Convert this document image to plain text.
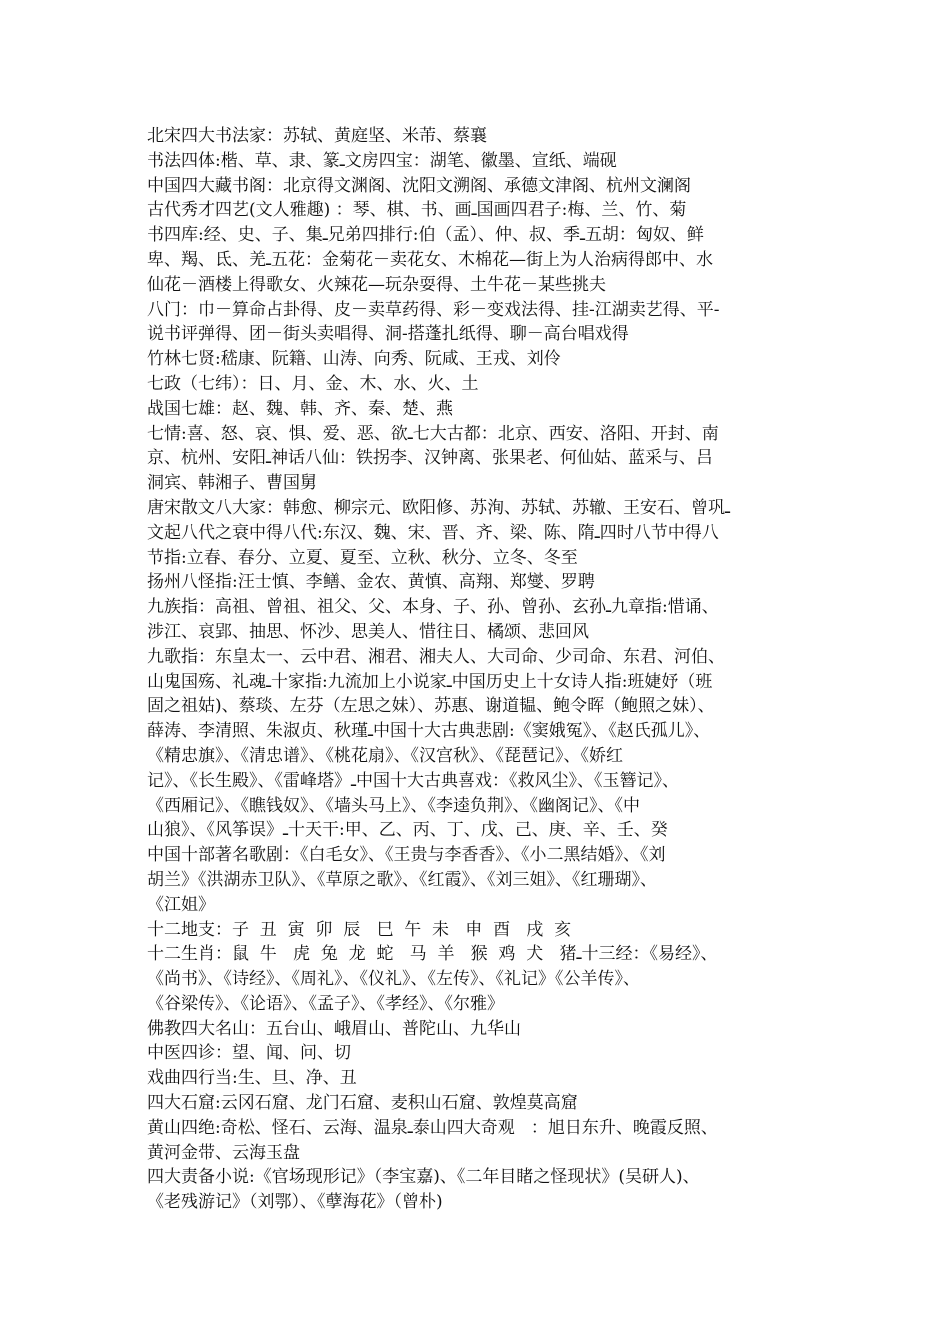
北宋四大书法家：苏轼、黄庭坚、米芾、蔡襄
书法四体:楷、草、隶、篆ـ文房四宝：湖笔、徽墨、宣纸、端砚
中国四大藏书阁：北京得文渊阁、沈阳文溯阁、承德文津阁、杭州文澜阁
古代秀才四艺(文人雅趣) ：琴、棋、书、画ـ国画四君子:梅、兰、竹、菊
书四库:经、史、子、集ـ兄弟四排行:伯（孟）、仲、叔、季ـ五胡：匈奴、鲜
卑、羯、氐、羌ـ五花：金菊花－卖花女、木棉花—街上为人治病得郎中、水
仙花－酒楼上得歌女、火辣花—玩杂耍得、土牛花－某些挑夫
八门：巾－算命占卦得、皮－卖草药得、彩－变戏法得、挂-江湖卖艺得、平-
说书评弹得、团－街头卖唱得、洞-搭蓬扎纸得、聊－高台唱戏得
竹林七贤:嵇康、阮籍、山涛、向秀、阮咸、王戎、刘伶
七政（七纬）：日、月、金、木、水、火、土
战国七雄：赵、魏、韩、齐、秦、楚、燕
七情:喜、怒、哀、惧、爱、恶、欲ـ七大古都：北京、西安、洛阳、开封、南
京、杭州、安阳ـ神话八仙：铁拐李、汉钟离、张果老、何仙姑、蓝采与、吕
洞宾、韩湘子、曹国舅
唐宋散文八大家：韩愈、柳宗元、欧阳修、苏洵、苏轼、苏辙、王安石、曾巩ـ
文起八代之衰中得八代:东汉、魏、宋、晋、齐、梁、陈、隋ـ四时八节中得八
节指:立春、春分、立夏、夏至、立秋、秋分、立冬、冬至
扬州八怪指:汪士慎、李鳝、金农、黄慎、高翔、郑燮、罗聘
九族指：高祖、曾祖、祖父、父、本身、子、孙、曾孙、玄孙ـ九章指:惜诵、
涉江、哀郢、抽思、怀沙、思美人、惜往日、橘颂、悲回风
九歌指：东皇太一、云中君、湘君、湘夫人、大司命、少司命、东君、河伯、
山鬼国殇、礼魂ـ十家指:九流加上小说家ـ中国历史上十女诗人指:班婕妤（班
固之祖姑)、蔡琰、左芬（左思之妹）、苏惠、谢道韫、鲍令晖（鲍照之妹）、
薛涛、李清照、朱淑贞、秋瑾ـ中国十大古典悲剧:《窦娥冤》、《赵氏孤儿》、
《精忠旗》、《清忠谱》、《桃花扇》、《汉宫秋》、《琵琶记》、《娇红
记》、《长生殿》、《雷峰塔》ـ中国十大古典喜戏：《救风尘》、《玉簪记》、
《西厢记》、《瞧钱奴》、《墙头马上》、《李逵负荆》、《幽阁记》、《中
山狼》、《风筝误》ـ十天干:甲、乙、丙、丁、戊、己、庚、辛、壬、癸
中国十部著名歌剧：《白毛女》、《王贵与李香香》、《小二黑结婚》、《刘
胡兰》《洪湖赤卫队》、《草原之歌》、《红霞》、《刘三姐》、《红珊瑚》、
《江姐》
十二地支：子  丑  寅  卯  辰   巳  午  未   申  酉   戌  亥
十二生肖：鼠  牛   虎  兔  龙  蛇   马  羊   猴  鸡  犬   猪ـ十三经：《易经》、
《尚书》、《诗经》、《周礼》、《仪礼》、《左传》、《礼记》《公羊传》、
《谷梁传》、《论语》、《孟子》、《孝经》、《尔雅》
佛教四大名山：五台山、峨眉山、普陀山、九华山
中医四诊：望、闻、问、切
戏曲四行当:生、旦、净、丑
四大石窟:云冈石窟、龙门石窟、麦积山石窟、敦煌莫高窟
黄山四绝:奇松、怪石、云海、温泉ـ泰山四大奇观   ：旭日东升、晚霞反照、
黄河金带、云海玉盘
四大责备小说:《官场现形记》（李宝嘉)、《二年目睹之怪现状》(吴研人)、
《老残游记》（刘鄂）、《孽海花》（曾朴)
